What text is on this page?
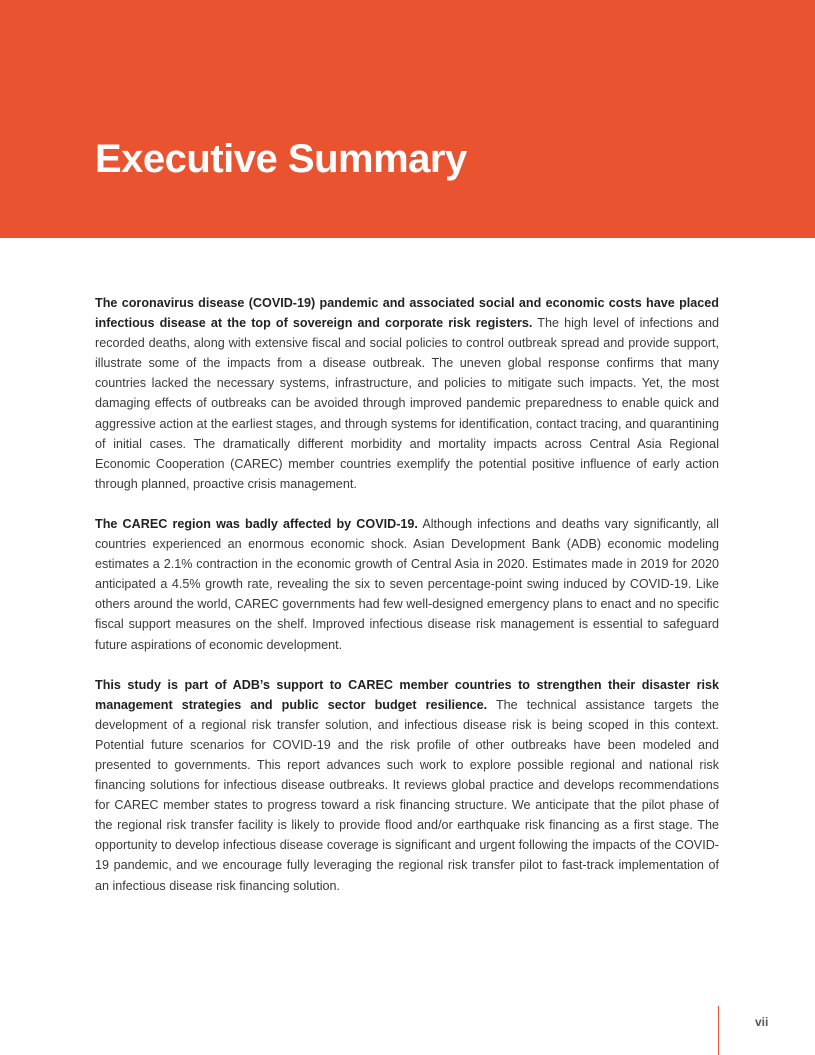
Executive Summary

The coronavirus disease (COVID-19) pandemic and associated social and economic costs have placed infectious disease at the top of sovereign and corporate risk registers. The high level of infections and recorded deaths, along with extensive fiscal and social policies to control outbreak spread and provide support, illustrate some of the impacts from a disease outbreak. The uneven global response confirms that many countries lacked the necessary systems, infrastructure, and policies to mitigate such impacts. Yet, the most damaging effects of outbreaks can be avoided through improved pandemic preparedness to enable quick and aggressive action at the earliest stages, and through systems for identification, contact tracing, and quarantining of initial cases. The dramatically different morbidity and mortality impacts across Central Asia Regional Economic Cooperation (CAREC) member countries exemplify the potential positive influence of early action through planned, proactive crisis management.

The CAREC region was badly affected by COVID-19. Although infections and deaths vary significantly, all countries experienced an enormous economic shock. Asian Development Bank (ADB) economic modeling estimates a 2.1% contraction in the economic growth of Central Asia in 2020. Estimates made in 2019 for 2020 anticipated a 4.5% growth rate, revealing the six to seven percentage-point swing induced by COVID-19. Like others around the world, CAREC governments had few well-designed emergency plans to enact and no specific fiscal support measures on the shelf. Improved infectious disease risk management is essential to safeguard future aspirations of economic development.

This study is part of ADB’s support to CAREC member countries to strengthen their disaster risk management strategies and public sector budget resilience. The technical assistance targets the development of a regional risk transfer solution, and infectious disease risk is being scoped in this context. Potential future scenarios for COVID-19 and the risk profile of other outbreaks have been modeled and presented to governments. This report advances such work to explore possible regional and national risk financing solutions for infectious disease outbreaks. It reviews global practice and develops recommendations for CAREC member states to progress toward a risk financing structure. We anticipate that the pilot phase of the regional risk transfer facility is likely to provide flood and/or earthquake risk financing as a first stage. The opportunity to develop infectious disease coverage is significant and urgent following the impacts of the COVID-19 pandemic, and we encourage fully leveraging the regional risk transfer pilot to fast-track implementation of an infectious disease risk financing solution.

vii
